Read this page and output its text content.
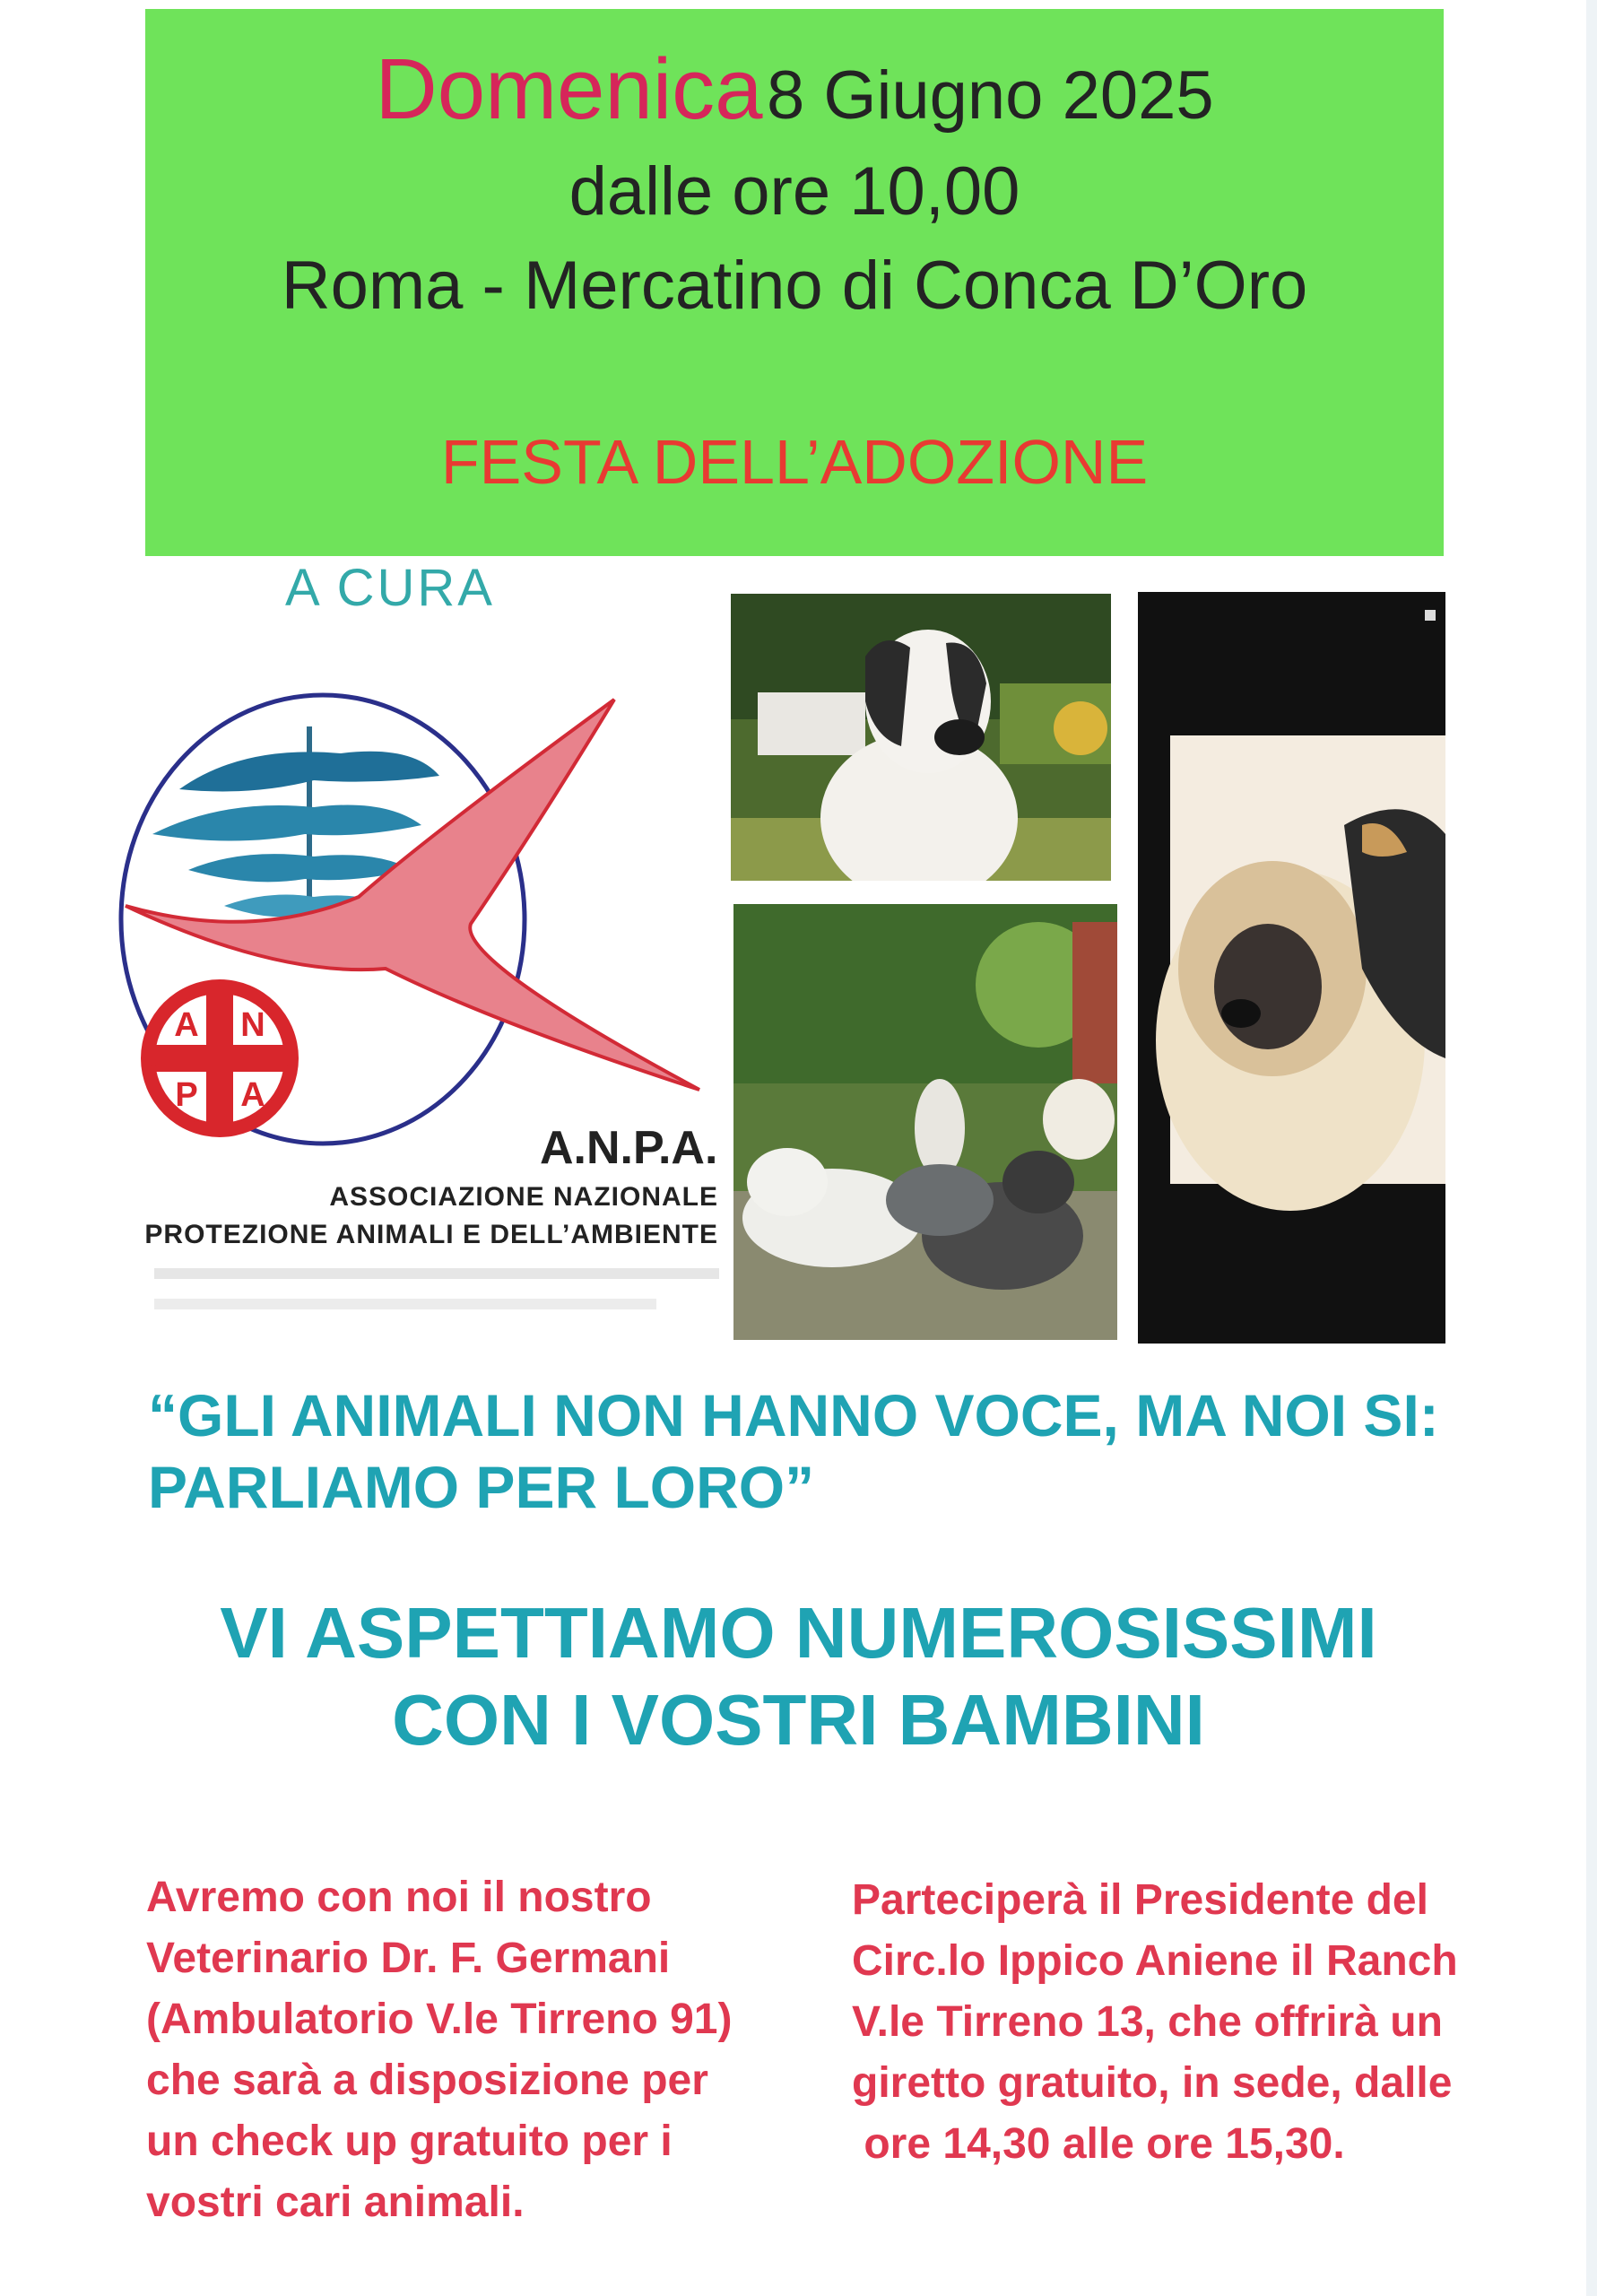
Domenica 8 Giugno 2025
dalle ore 10,00
Roma - Mercatino di Conca D’Oro
FESTA DELL’ADOZIONE
A CURA
A N
P A
A.N.P.A.
ASSOCIAZIONE NAZIONALE
PROTEZIONE ANIMALI E DELL’AMBIENTE
“GLI ANIMALI NON HANNO VOCE, MA NOI SI:
PARLIAMO PER LORO”
VI ASPETTIAMO NUMEROSISSIMI
CON I VOSTRI BAMBINI
Avremo con noi il nostro
Veterinario Dr. F. Germani
(Ambulatorio V.le Tirreno 91)
che sarà a disposizione per
un check up gratuito per i
vostri cari animali.
Parteciperà il Presidente del
Circ.lo Ippico Aniene il Ranch
V.le Tirreno 13, che offrirà un
giretto gratuito, in sede, dalle
ore 14,30 alle ore 15,30.
